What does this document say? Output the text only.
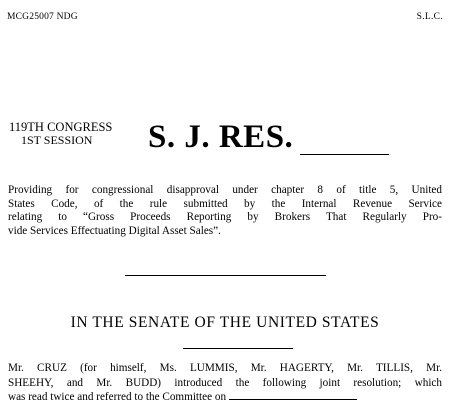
MCG25007 NDG	S.L.C.
119TH CONGRESS
1ST SESSION S. J. RES.
Providing for congressional disapproval under chapter 8 of title 5, United
States Code, of the rule submitted by the Internal Revenue Service
relating to “Gross Proceeds Reporting by Brokers That Regularly Pro-
vide Services Effectuating Digital Asset Sales”.
IN THE SENATE OF THE UNITED STATES
Mr. CRUZ (for himself, Ms. LUMMIS, Mr. HAGERTY, Mr. TILLIS, Mr.
SHEEHY, and Mr. BUDD) introduced the following joint resolution; which
was read twice and referred to the Committee on
